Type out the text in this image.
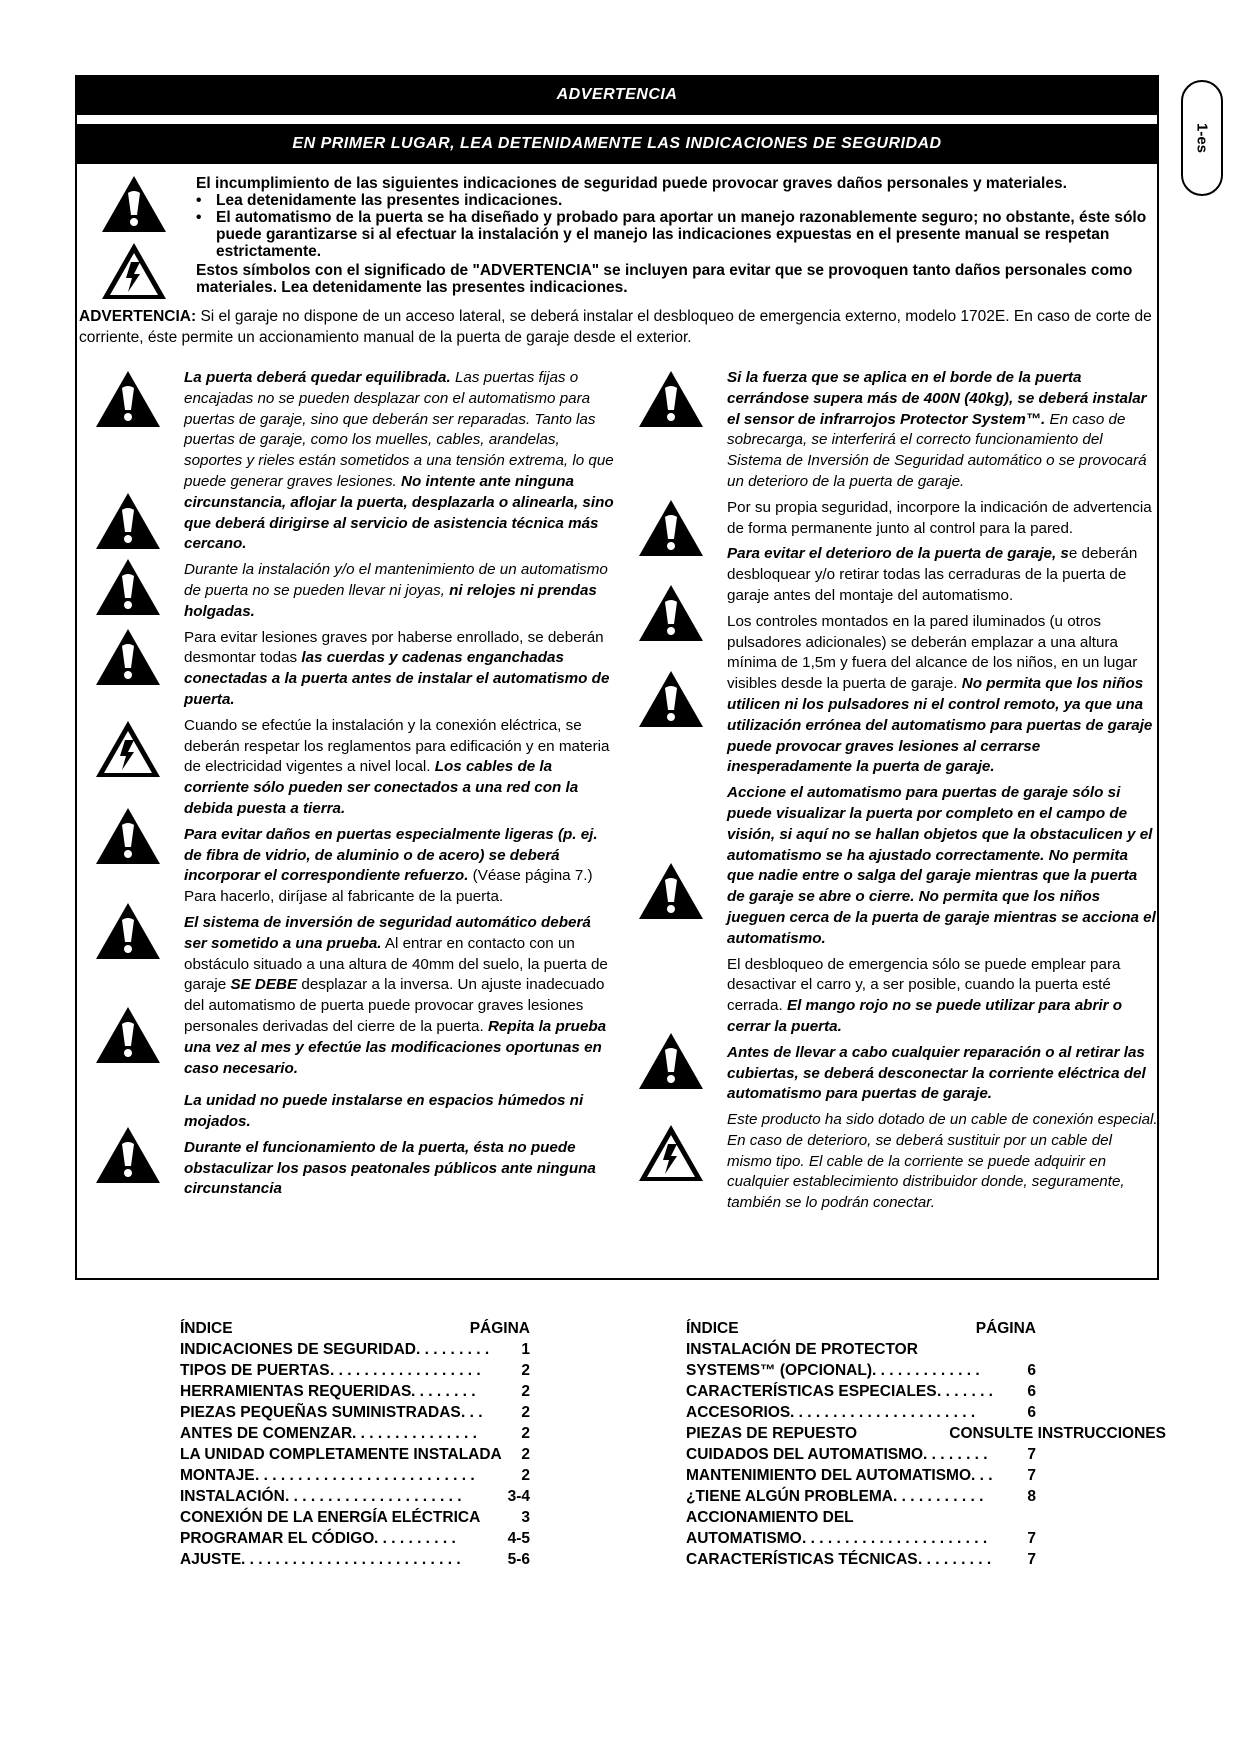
ADVERTENCIA
EN PRIMER LUGAR, LEA DETENIDAMENTE LAS INDICACIONES DE SEGURIDAD	1-es

El incumplimiento de las siguientes indicaciones de seguridad puede provocar graves daños personales y materiales.

• Lea detenidamente las presentes indicaciones.
• El automatismo de la puerta se ha diseñado y probado para aportar un manejo razonablemente seguro; no obstante, éste sólo puede garantizarse si al efectuar la instalación y el manejo las indicaciones expuestas en el presente manual se respetan estrictamente.

Estos símbolos con el significado de "ADVERTENCIA" se incluyen para evitar que se provoquen tanto daños personales como materiales. Lea detenidamente las presentes indicaciones.

ADVERTENCIA: Si el garaje no dispone de un acceso lateral, se deberá instalar el desbloqueo de emergencia externo, modelo 1702E. En caso de corte de corriente, éste permite un accionamiento manual de la puerta de garaje desde el exterior.

La puerta deberá quedar equilibrada. Las puertas fijas o encajadas no se pueden desplazar con el automatismo para puertas de garaje, sino que deberán ser reparadas. Tanto las puertas de garaje, como los muelles, cables, arandelas, soportes y rieles están sometidos a una tensión extrema, lo que puede generar graves lesiones. No intente ante ninguna circunstancia, aflojar la puerta, desplazarla o alinearla, sino que deberá dirigirse al servicio de asistencia técnica más cercano.

Durante la instalación y/o el mantenimiento de un automatismo de puerta no se pueden llevar ni joyas, ni relojes ni prendas holgadas.

Para evitar lesiones graves por haberse enrollado, se deberán desmontar todas las cuerdas y cadenas enganchadas conectadas a la puerta antes de instalar el automatismo de puerta.

Cuando se efectúe la instalación y la conexión eléctrica, se deberán respetar los reglamentos para edificación y en materia de electricidad vigentes a nivel local. Los cables de la corriente sólo pueden ser conectados a una red con la debida puesta a tierra.

Para evitar daños en puertas especialmente ligeras (p. ej. de fibra de vidrio, de aluminio o de acero) se deberá incorporar el correspondiente refuerzo. (Véase página 7.) Para hacerlo, diríjase al fabricante de la puerta.

El sistema de inversión de seguridad automático deberá ser sometido a una prueba. Al entrar en contacto con un obstáculo situado a una altura de 40mm del suelo, la puerta de garaje SE DEBE desplazar a la inversa. Un ajuste inadecuado del automatismo de puerta puede provocar graves lesiones personales derivadas del cierre de la puerta. Repita la prueba una vez al mes y efectúe las modificaciones oportunas en caso necesario.

La unidad no puede instalarse en espacios húmedos ni mojados.

Durante el funcionamiento de la puerta, ésta no puede obstaculizar los pasos peatonales públicos ante ninguna circunstancia

Si la fuerza que se aplica en el borde de la puerta cerrándose supera más de 400N (40kg), se deberá instalar el sensor de infrarrojos Protector System™. En caso de sobrecarga, se interferirá el correcto funcionamiento del Sistema de Inversión de Seguridad automático o se provocará un deterioro de la puerta de garaje.

Por su propia seguridad, incorpore la indicación de advertencia de forma permanente junto al control para la pared.

Para evitar el deterioro de la puerta de garaje, se deberán desbloquear y/o retirar todas las cerraduras de la puerta de garaje antes del montaje del automatismo.

Los controles montados en la pared iluminados (u otros pulsadores adicionales) se deberán emplazar a una altura mínima de 1,5m y fuera del alcance de los niños, en un lugar visibles desde la puerta de garaje. No permita que los niños utilicen ni los pulsadores ni el control remoto, ya que una utilización errónea del automatismo para puertas de garaje puede provocar graves lesiones al cerrarse inesperadamente la puerta de garaje.

Accione el automatismo para puertas de garaje sólo si puede visualizar la puerta por completo en el campo de visión, si aquí no se hallan objetos que la obstaculicen y el automatismo se ha ajustado correctamente. No permita que nadie entre o salga del garaje mientras que la puerta de garaje se abre o cierre. No permita que los niños jueguen cerca de la puerta de garaje mientras se acciona el automatismo.

El desbloqueo de emergencia sólo se puede emplear para desactivar el carro y, a ser posible, cuando la puerta esté cerrada. El mango rojo no se puede utilizar para abrir o cerrar la puerta.

Antes de llevar a cabo cualquier reparación o al retirar las cubiertas, se deberá desconectar la corriente eléctrica del automatismo para puertas de garaje.

Este producto ha sido dotado de un cable de conexión especial. En caso de deterioro, se deberá sustituir por un cable del mismo tipo. El cable de la corriente se puede adquirir en cualquier establecimiento distribuidor donde, seguramente, también se lo podrán conectar.

ÍNDICE	PÁGINA
INDICACIONES DE SEGURIDAD . . . . . . . . . 1
TIPOS DE PUERTAS . . . . . . . . . . . . . . . . . .	2
HERRAMIENTAS REQUERIDAS . . . . . . . .	2
PIEZAS PEQUEÑAS SUMINISTRADAS . . .	2
ANTES DE COMENZAR . . . . . . . . . . . . . . .	2
LA UNIDAD COMPLETAMENTE INSTALADA 2
MONTAJE . . . . . . . . . . . . . . . . . . . . . . . . . .	2
INSTALACIÓN . . . . . . . . . . . . . . . . . . . . .	3-4
CONEXIÓN DE LA ENERGÍA ELÉCTRICA	3
PROGRAMAR EL CÓDIGO . . . . . . . . . .	4-5
AJUSTE . . . . . . . . . . . . . . . . . . . . . . . . . .	5-6
ÍNDICE	PÁGINA
INSTALACIÓN DE PROTECTOR
SYSTEMS™ (OPCIONAL) . . . . . . . . . . . . .	6
CARACTERÍSTICAS ESPECIALES . . . . . . . 6
ACCESORIOS . . . . . . . . . . . . . . . . . . . . . .	6
PIEZAS DE REPUESTO	CONSULTE INSTRUCCIONES
CUIDADOS DEL AUTOMATISMO . . . . . . . .	7
MANTENIMIENTO DEL AUTOMATISMO . . . 7
¿TIENE ALGÚN PROBLEMA . . . . . . . . . . .	8
ACCIONAMIENTO DEL
AUTOMATISMO . . . . . . . . . . . . . . . . . . . . . .	7
CARACTERÍSTICAS TÉCNICAS . . . . . . . . . 7
